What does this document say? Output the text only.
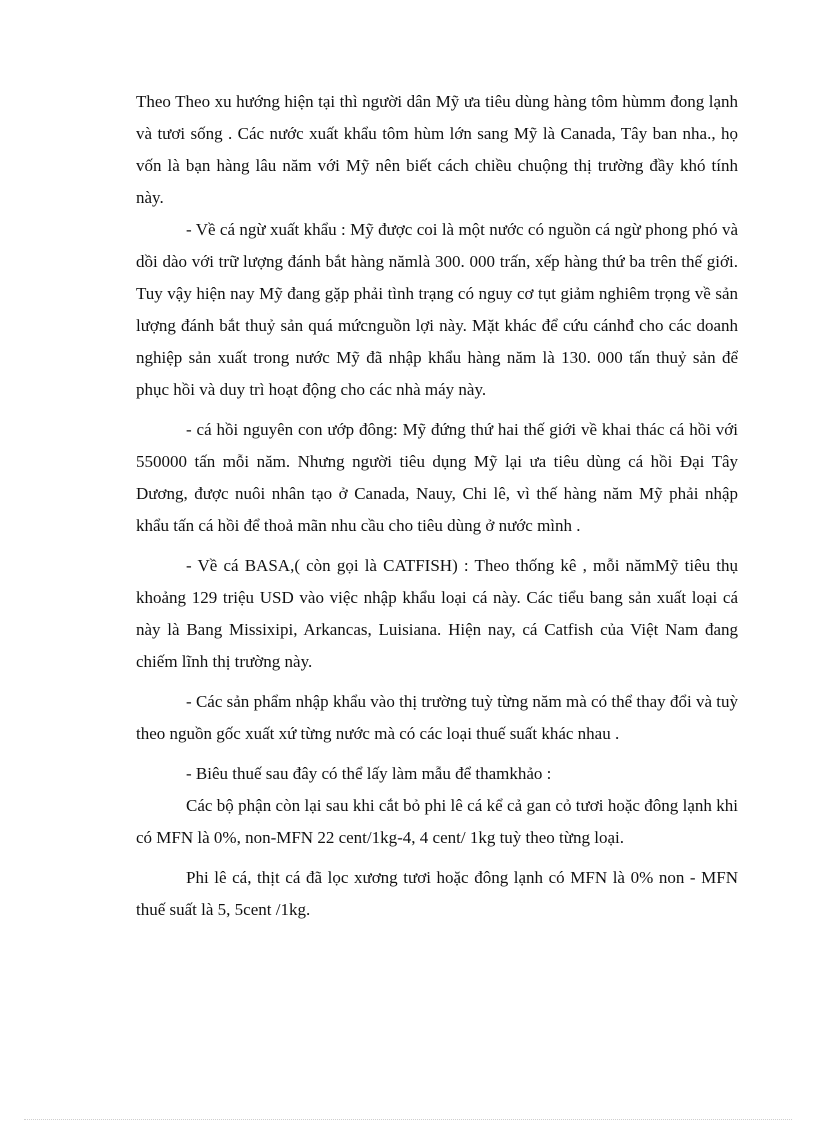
Theo Theo xu hướng hiện tại thì người dân Mỹ ưa tiêu dùng hàng tôm hùmm đong lạnh và tươi sống . Các nước xuất khẩu tôm hùm lớn sang Mỹ là Canada, Tây ban nha., họ vốn là bạn hàng lâu năm với Mỹ nên biết cách chiều chuộng thị trường đầy khó tính này.

- Về cá ngừ xuất khẩu : Mỹ được coi là một nước có nguồn cá ngừ phong phó và dồi dào với trữ lượng đánh bắt hàng nămlà 300. 000 trấn, xếp hàng thứ ba trên thế giới. Tuy vậy hiện nay Mỹ đang gặp phải tình trạng có nguy cơ tụt giảm nghiêm trọng về sản lượng đánh bắt thuỷ sản quá mứcnguồn lợi này. Mặt khác để cứu cánhđ cho các doanh nghiệp sản xuất trong nước Mỹ đã nhập khẩu hàng năm là 130. 000 tấn thuỷ sản để phục hồi và duy trì hoạt động cho các nhà máy này.

- cá hồi nguyên con ướp đông: Mỹ đứng thứ hai thế giới về khai thác cá hồi với 550000 tấn mỗi năm. Nhưng người tiêu dụng Mỹ lại ưa tiêu dùng cá hồi Đại Tây Dương, được nuôi nhân tạo ở Canada, Nauy, Chi lê, vì thế hàng năm Mỹ phải nhập khẩu tấn cá hồi để thoả mãn nhu cầu cho tiêu dùng ở nước mình .

- Về cá BASA,( còn gọi là CATFISH) : Theo thống kê , mỗi nămMỹ tiêu thụ khoảng 129 triệu USD vào việc nhập khẩu loại cá này. Các tiểu bang sản xuất loại cá này là Bang Missixipi, Arkancas, Luisiana. Hiện nay, cá Catfish của Việt Nam đang chiếm lĩnh thị trường này.

- Các sản phẩm nhập khẩu vào thị trường tuỳ từng năm mà có thể thay đổi và tuỳ theo nguồn gốc xuất xứ từng nước mà có các loại thuế suất khác nhau .

- Biêu thuế sau đây có thể lấy làm mẫu để thamkhảo :

Các bộ phận còn lại sau khi cắt bỏ phi lê cá kể cả gan cỏ tươi hoặc đông lạnh khi có MFN là 0%, non-MFN 22 cent/1kg-4, 4 cent/ 1kg tuỳ theo từng loại.

Phi lê cá, thịt cá đã lọc xương tươi hoặc đông lạnh có MFN là 0% non - MFN thuế suất là 5, 5cent /1kg.
